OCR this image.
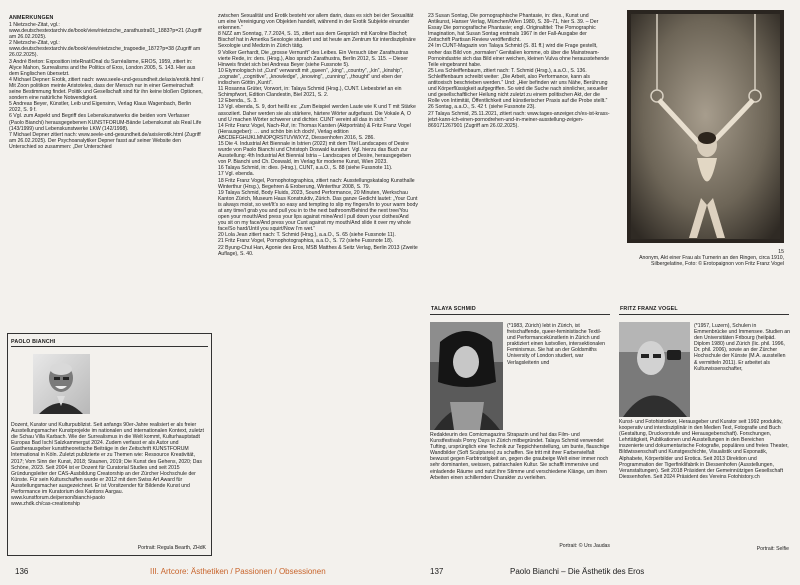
ANMERKUNGEN
1 Nietzsche-Zitat, vgl.: www.deutschestextarchiv.de/book/view/nietzsche_zarathustra01_1883?p=21 (Zugriff am 26.02.2025).
2 Nietzsche-Zitat, vgl.: www.deutschestextarchiv.de/book/view/nietzsche_tragoedie_1872?p=38 (Zugriff am 26.02.2025).
3 André Breton: Exposition inteRnatiOnal du Surréalisme, EROS, 1959, zitiert in: Alyce Mahon, Surrealisms and the Politics of Eros, London 2005, S. 143. Hier aus dem Englischen übersetzt.
4 Michael Depner: Erotik, zitiert nach: www.seele-und-gesundheit.de/axis/erotik.html / Mit Zoon politikon meinte Aristoteles, dass der Mensch nur in einer Gemeinschaft seine Bestimmung findet. Politik und Gesellschaft sind für ihn keine bloßen Optionen, sondern eine natürliche Notwendigkeit.
5 Andreas Beyer, Künstler, Leib und Eigensinn, Verlag Klaus Wagenbach, Berlin 2022, S. 9 f.
6 Vgl. zum Aspekt und Begriff des Lebenskunstwerks die beiden vom Verfasser (Paolo Bianchi) herausgegebenen KUNSTFORUM-Bände Lebenskunst als Real Life (143/1999) und Lebenskunstwerke LKW (142/1998).
7 Michael Depner zitiert nach: www.seele-und-gesundheit.de/axis/erotik.html (Zugriff am 26.02.2025). Der Psychoanalytiker Depner fasst auf seiner Website den Unterschied so zusammen: „Der Unterschied
zwischen Sexualität und Erotik besteht vor allem darin, dass es sich bei der Sexualität um eine Vereinigung von Objekten handelt, während in der Erotik Subjekte einander erkennen.“
8 NZZ am Sonntag, 7.7.2024, S. 15, zitiert aus dem Gespräch mit Karoline Bischof; Bischof hat in Amerika Sexologie studiert und ist heute am Zentrum für interdisziplinäre Sexologie und Medizin in Zürich tätig.
9 Volker Gerhardt, Die „grosse Vernunft“ des Leibes. Ein Versuch über Zarathustras vierte Rede, in: ders. (Hrsg.), Also sprach Zarathustra, Berlin 2012, S. 115. – Dieser Hinweis findet sich bei Andreas Beyer (siehe Fussnote 5).
10 Etymologisch ist „Cunt“ verwandt mit „queen“, „king“, „country“, „kin“, „kinship“, „cognate“, „cognitive“, „knowledge“, „knowing“, „cunning“, „thought“ und eben der indischen Göttin „Kunti“.
11 Rosanna Grüter, Vorwort, in: Talaya Schmid (Hrsg.), CUNT. Liebesbrief an ein Schimpfwort, Edition Clandestin, Biel 2021, S. 2.
12 Ebenda., S. 3.
13 Vgl. ebenda, S. 9, dort heißt es: „Zum Beispiel werden Laute wie K und T mit Stärke assoziiert. Daher werden sie als stärkere, härtere Wörter aufgefasst. Die Vokale A, O und U machen Wörter schwerer und dichter. CUNT vereint all das in sich.“
14 Fritz Franz Vogel, Nach-Ruf, in: Thomas Karsten (Aktporträts) & Fritz Franz Vogel (Herausgeber): … und schön bin ich doch!, Verlag edition ABCDEFGHIJKLMNOPQRSTUVWXYZ, Diessenhofen 2016, S. 286.
15 Die 4. Industrial Art Biennale in Istrien (2022) mit dem Titel Landscapes of Desire wurde von Paolo Bianchi und Christoph Doswald kuratiert. Vgl. hierzu das Buch zur Ausstellung: 4th Industrial Art Biennial Istria – Landscapes of Desire, herausgegeben von P. Bianchi und Ch. Doswald, im Verlag für moderne Kunst, Wien 2023.
16 Talaya Schmid, in: dies. (Hrsg.), CUNT, a.a.O., S. 88 (siehe Fussnote 11).
17 Vgl. ebenda.
18 Fritz Franz Vogel, Pornophotographica, zitiert nach: Ausstellungskatalog Kunsthalle Winterthur (Hrsg.), Begehren & Eroberung, Winterthur 2008, S. 79.
19 Talaya Schmid, Body Fluids, 2023, Sound Performance, 20 Minuten, Werkschau Kanton Zürich, Museum Haus Konstruktiv, Zürich. Das ganze Gedicht lautet: „Your Cunt is always moist, so wet/It’s so easy and tempting to slip my fingers/In to your warm body at any time/I grab you and pull you in to the next bathroom/Behind the next tree/You open your mouth/And press your lips against mine/And I pull down your clothes/And you sit on my face/And press your Cunt against my mouth/And slide it over my whole face/So hard/Until you squirt/Now I’m wet.“
20 Lola Jean zitiert nach: T. Schmid (Hrsg.), a.a.O., S. 65 (siehe Fussnote 11).
21 Fritz Franz Vogel, Pornophotographica, a.a.O., S. 72 (siehe Fussnote 18).
22 Byung-Chul Han, Agonie des Eros, MSB Matthes & Seitz Verlag, Berlin 2013 (Zweite Auflage), S. 40.
PAOLO BIANCHI
Dozent, Kurator und Kulturpublizist. Seit anfangs 90er-Jahre realisiert er als freier Ausstellungsmacher Kunstprojekte im nationalen und internationalen Kontext, zuletzt die Schau Villa Karbach. Wie der Surrealismus in die Welt kommt, Kulturhauptstadt Europas Bad Ischl Salzkammergut 2024. Zudem verfasst er als Autor und Gastherausgeber kunsttheoretische Beiträge in der Zeitschrift KUNSTFORUM International in Köln. Zuletzt publizierte er zu Themen wie: Ressource Kreativität, 2017; Vom Sinn der Kunst, 2018; Staunen, 2019; Die Kunst des Gehens, 2020; Das Schöne, 2023. Seit 2004 ist er Dozent für Curatorial Studies und seit 2015 Gründungsleiter der CAS-Ausbildung Creatorship an der Zürcher Hochschule der Künste. Für sein Kulturschaffen wurde er 2012 mit dem Swiss Art Award für Ausstellungsmacher ausgezeichnet. Er ist Vorsitzender für Bildende Kunst und Performance im Kuratorium des Kantons Aargau.
www.kunstforum.de/person/bianchi-paolo
www.zhdk.ch/cas-creationship
Portrait: Regula Bearth, ZHdK
136	III. Artcore: Ästhetiken / Passionen / Obsessionen
23 Susan Sontag, Die pornographische Phantasie, in: dies., Kunst und Antikunst, Hanser Verlag, München/Wien 1980, S. 39–71, hier S. 39. – Der Essay Die pornografische Phantasie; engl. Originaltitel: The Pornographic Imagination, hat Susan Sontag erstmals 1967 in der Fall-Ausgabe der Zeitschrift Partisan Review veröffentlicht.
24 Im CUNT-Magazin von Talaya Schmid (S. 81 ff.) wird die Frage gestellt, woher das Bild von „normalen“ Genitalien komme, ob über die Mainstream-Pornoindustrie sich das Bild einer weichen, kleinen Vulva ohne herausstehende Teile eingebrannt habe.
25 Lea Schleiffenbaum, zitiert nach: T. Schmid (Hrsg.), a.a.O., S. 136. Schleiffenbaum schreibt weiter: „Die Arbeit, also Performance, kann als antitoxisch beschrieben werden.“ Und: „Hier befinden wir uns Nähe, Berührung und Körperflüssigkeit aufgegriffen. So wird die Suche nach sinnlicher, sexueller und gesellschaftlicher Heilung nicht zuletzt zu einem politischen Akt, der die Rolle von Intimität, Öffentlichkeit und künstlerischer Praxis auf die Probe stellt.“
26 Sontag, a.a.O., S. 42 f. (siehe Fussnote 23).
27 Talaya Schmid, 25.11.2021, zitiert nach: www.tages-anzeiger.ch/es-ist-krass-jetzt-kann-ich-einen-pornodrehen-und-in-meiner-ausstellung-zeigen-869171267901 (Zugriff am 26.02.2025).
15
Anonym, Akt einer Frau als Turnerin an den Ringen, circa 1910, Silbergelatine, Foto: © Erotopaignon von Fritz Franz Vogel
TALAYA SCHMID
(*1983, Zürich) lebt in Zürich, ist freischaffende, queer-feministische Textil- und Performancekünstlerin in Zürich und praktiziert einen lustvollen, intersektionalen Feminismus. Sie hat an der Goldsmiths University of London studiert, war Verlagsleiterin und
Redakteurin des Comicmagazins Strapazin und hat das Film- und Kunstfestivals Porny Days in Zürich mitbegründet. Talaya Schmid verwendet Tufting, ursprünglich eine Technik zur Teppichherstellung, um bunte, flauschige Wandbilder (Soft Sculptures) zu schaffen. Sie tritt mit ihrer Farbenvielfalt bewusst gegen Farbtrostigkeit an, gegen die graubeige Welt einer immer noch sehr dominanten, weissen, patriarchalen Kultur. Sie schafft immersive und einladende Räume und nutzt ihre Stimme und verschiedene Klänge, um ihren Arbeiten einen schillernden Charakter zu verleihen.
Portrait: © Urs Jaudas
FRITZ FRANZ VOGEL
(*1957, Luzern), Schulen in Emmenbrücke und Immensee. Studien an den Universitäten Fribourg (heilpäd. Diplom 1980) und Zürich (lic. phil. 1996, Dr. phil. 2006), sowie an der Zürcher Hochschule der Künste (M.A. ausstellen & vermitteln 2011). Er arbeitet als Kulturwissenschafter,
Kunst- und Fotohistoriker, Herausgeber und Kurator seit 1992 produktiv, kooperativ und interdisziplinär in den Medien Text, Fotografie und Buch (Gestaltung, Druckvorstufe und Herausgeberschaft). Forschungen, Lehrtätigkeit, Publikationen und Ausstellungen in den Bereichen inszenierte und dokumentarische Fotografie, populäres und freies Theater, Bildwissenschaft und Kunstgeschichte, Visualistik und Exponatik, Alphabete, Körperbilder und Erotica. Seit 2013 Direktion und Programmation der Tigerfinklifabrik in Diessenhofen (Ausstellungen, Veranstaltungen). Seit 2018 Präsident der Gemeinnützigen Gesellschaft Diessenhofen. Seit 2024 Präsident des Vereins Fotohistory.ch
Portrait: Selfie
137	Paolo Bianchi – Die Ästhetik des Eros
